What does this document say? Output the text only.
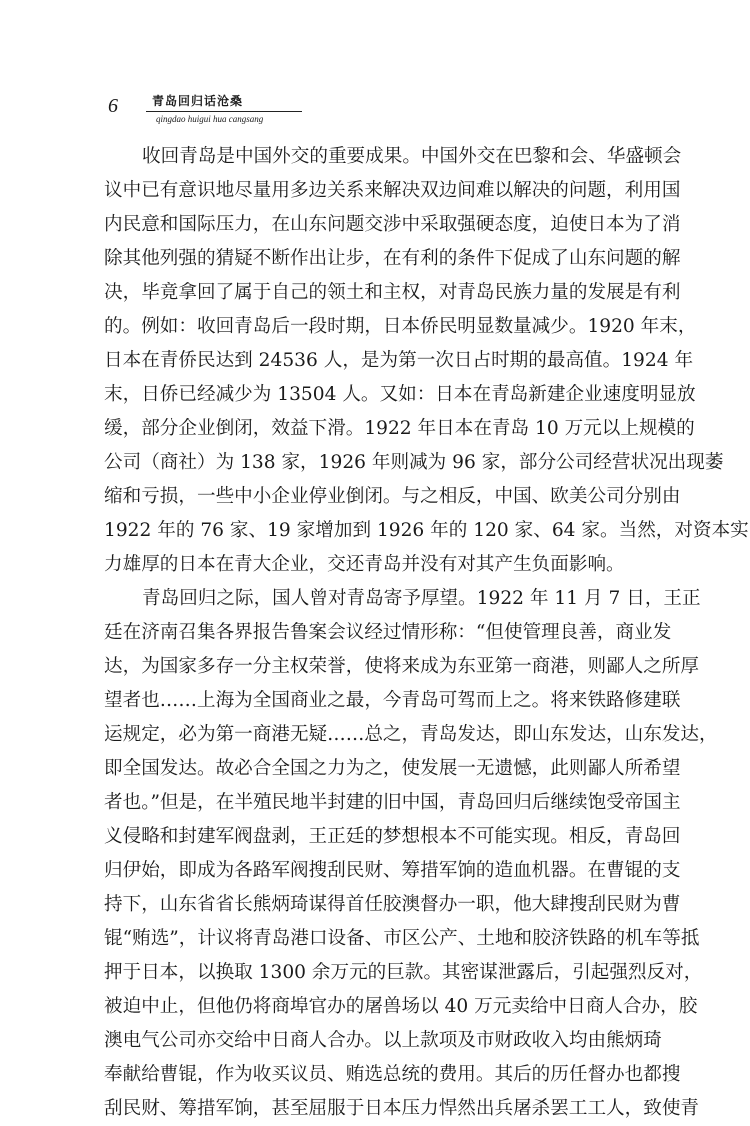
6	青岛回归话沧桑
qingdao huigui hua cangsang
收回青岛是中国外交的重要成果。中国外交在巴黎和会、华盛顿会
议中已有意识地尽量用多边关系来解决双边间难以解决的问题，利用国
内民意和国际压力，在山东问题交涉中采取强硬态度，迫使日本为了消
除其他列强的猜疑不断作出让步，在有利的条件下促成了山东问题的解
决，毕竟拿回了属于自己的领土和主权，对青岛民族力量的发展是有利
的。例如：收回青岛后一段时期，日本侨民明显数量减少。1920 年末，
日本在青侨民达到 24536 人，是为第一次日占时期的最高值。1924 年
末，日侨已经减少为 13504 人。又如：日本在青岛新建企业速度明显放
缓，部分企业倒闭，效益下滑。1922 年日本在青岛 10 万元以上规模的
公司（商社）为 138 家，1926 年则减为 96 家，部分公司经营状况出现萎
缩和亏损，一些中小企业停业倒闭。与之相反，中国、欧美公司分别由
1922 年的 76 家、19 家增加到 1926 年的 120 家、64 家。当然，对资本实
力雄厚的日本在青大企业，交还青岛并没有对其产生负面影响。
青岛回归之际，国人曾对青岛寄予厚望。1922 年 11 月 7 日，王正
廷在济南召集各界报告鲁案会议经过情形称：“但使管理良善，商业发
达，为国家多存一分主权荣誉，使将来成为东亚第一商港，则鄙人之所厚
望者也……上海为全国商业之最，今青岛可驾而上之。将来铁路修建联
运规定，必为第一商港无疑……总之，青岛发达，即山东发达，山东发达，
即全国发达。故必合全国之力为之，使发展一无遗憾，此则鄙人所希望
者也。”但是，在半殖民地半封建的旧中国，青岛回归后继续饱受帝国主
义侵略和封建军阀盘剥，王正廷的梦想根本不可能实现。相反，青岛回
归伊始，即成为各路军阀搜刮民财、筹措军饷的造血机器。在曹锟的支
持下，山东省省长熊炳琦谋得首任胶澳督办一职，他大肆搜刮民财为曹
锟“贿选”，计议将青岛港口设备、市区公产、土地和胶济铁路的机车等抵
押于日本，以换取 1300 余万元的巨款。其密谋泄露后，引起强烈反对，
被迫中止，但他仍将商埠官办的屠兽场以 40 万元卖给中日商人合办，胶
澳电气公司亦交给中日商人合办。以上款项及市财政收入均由熊炳琦
奉献给曹锟，作为收买议员、贿选总统的费用。其后的历任督办也都搜
刮民财、筹措军饷，甚至屈服于日本压力悍然出兵屠杀罢工工人，致使青
